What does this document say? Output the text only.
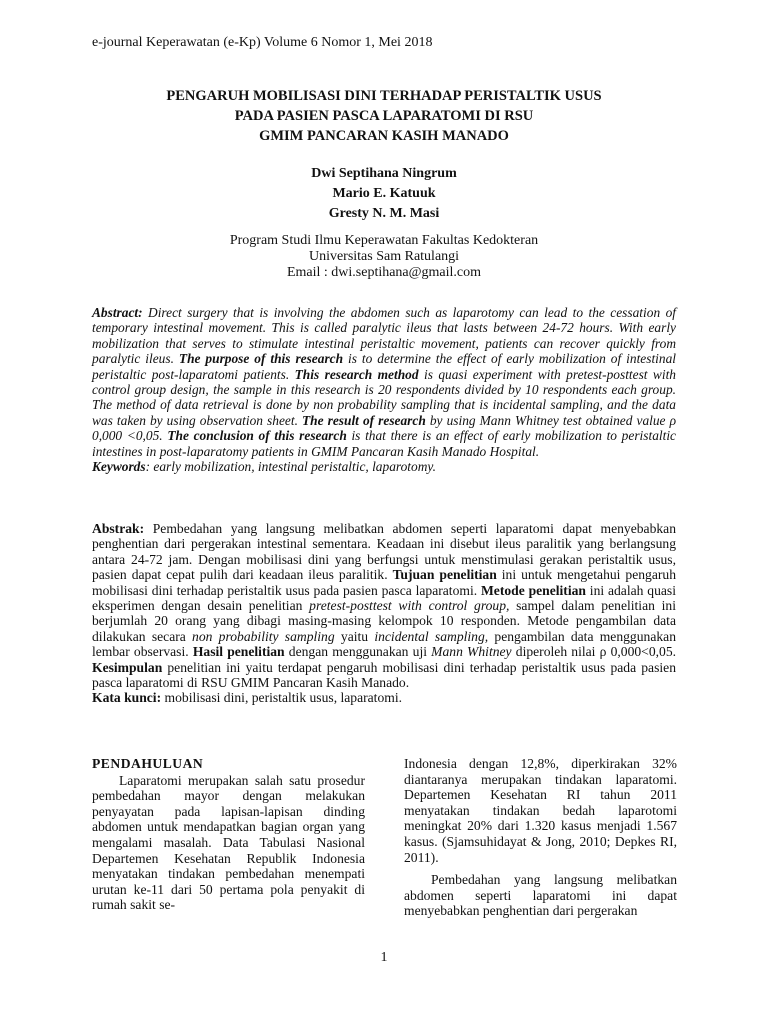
e-journal Keperawatan (e-Kp) Volume 6 Nomor 1, Mei 2018
PENGARUH MOBILISASI DINI TERHADAP PERISTALTIK USUS
PADA PASIEN PASCA LAPARATOMI DI RSU
GMIM PANCARAN KASIH MANADO
Dwi Septihana Ningrum
Mario E. Katuuk
Gresty N. M. Masi
Program Studi Ilmu Keperawatan Fakultas Kedokteran
Universitas Sam Ratulangi
Email : dwi.septihana@gmail.com

Abstract: Direct surgery that is involving the abdomen such as laparotomy can lead to the cessation of temporary intestinal movement. This is called paralytic ileus that lasts between 24-72 hours. With early mobilization that serves to stimulate intestinal peristaltic movement, patients can recover quickly from paralytic ileus. The purpose of this research is to determine the effect of early mobilization of intestinal peristaltic post-laparatomi patients. This research method is quasi experiment with pretest-posttest with control group design, the sample in this research is 20 respondents divided by 10 respondents each group. The method of data retrieval is done by non probability sampling that is incidental sampling, and the data was taken by using observation sheet. The result of research by using Mann Whitney test obtained value ρ 0,000 <0,05. The conclusion of this research is that there is an effect of early mobilization to peristaltic intestines in post-laparatomy patients in GMIM Pancaran Kasih Manado Hospital.

Keywords: early mobilization, intestinal peristaltic, laparotomy.

Abstrak: Pembedahan yang langsung melibatkan abdomen seperti laparatomi dapat menyebabkan penghentian dari pergerakan intestinal sementara. Keadaan ini disebut ileus paralitik yang berlangsung antara 24-72 jam. Dengan mobilisasi dini yang berfungsi untuk menstimulasi gerakan peristaltik usus, pasien dapat cepat pulih dari keadaan ileus paralitik. Tujuan penelitian ini untuk mengetahui pengaruh mobilisasi dini terhadap peristaltik usus pada pasien pasca laparatomi. Metode penelitian ini adalah quasi eksperimen dengan desain penelitian pretest-posttest with control group, sampel dalam penelitian ini berjumlah 20 orang yang dibagi masing-masing kelompok 10 responden. Metode pengambilan data dilakukan secara non probability sampling yaitu incidental sampling, pengambilan data menggunakan lembar observasi. Hasil penelitian dengan menggunakan uji Mann Whitney diperoleh nilai ρ 0,000<0,05. Kesimpulan penelitian ini yaitu terdapat pengaruh mobilisasi dini terhadap peristaltik usus pada pasien pasca laparatomi di RSU GMIM Pancaran Kasih Manado.

Kata kunci: mobilisasi dini, peristaltik usus, laparatomi.

PENDAHULUAN

Laparatomi merupakan salah satu prosedur pembedahan mayor dengan melakukan penyayatan pada lapisan-lapisan dinding abdomen untuk mendapatkan bagian organ yang mengalami masalah. Data Tabulasi Nasional Departemen Kesehatan Republik Indonesia menyatakan tindakan pembedahan menempati urutan ke-11 dari 50 pertama pola penyakit di rumah sakit se-

Indonesia dengan 12,8%, diperkirakan 32% diantaranya merupakan tindakan laparatomi. Departemen Kesehatan RI tahun 2011 menyatakan tindakan bedah laparotomi meningkat 20% dari 1.320 kasus menjadi 1.567 kasus. (Sjamsuhidayat & Jong, 2010; Depkes RI, 2011).

Pembedahan yang langsung melibatkan abdomen seperti laparatomi ini dapat menyebabkan penghentian dari pergerakan

1
